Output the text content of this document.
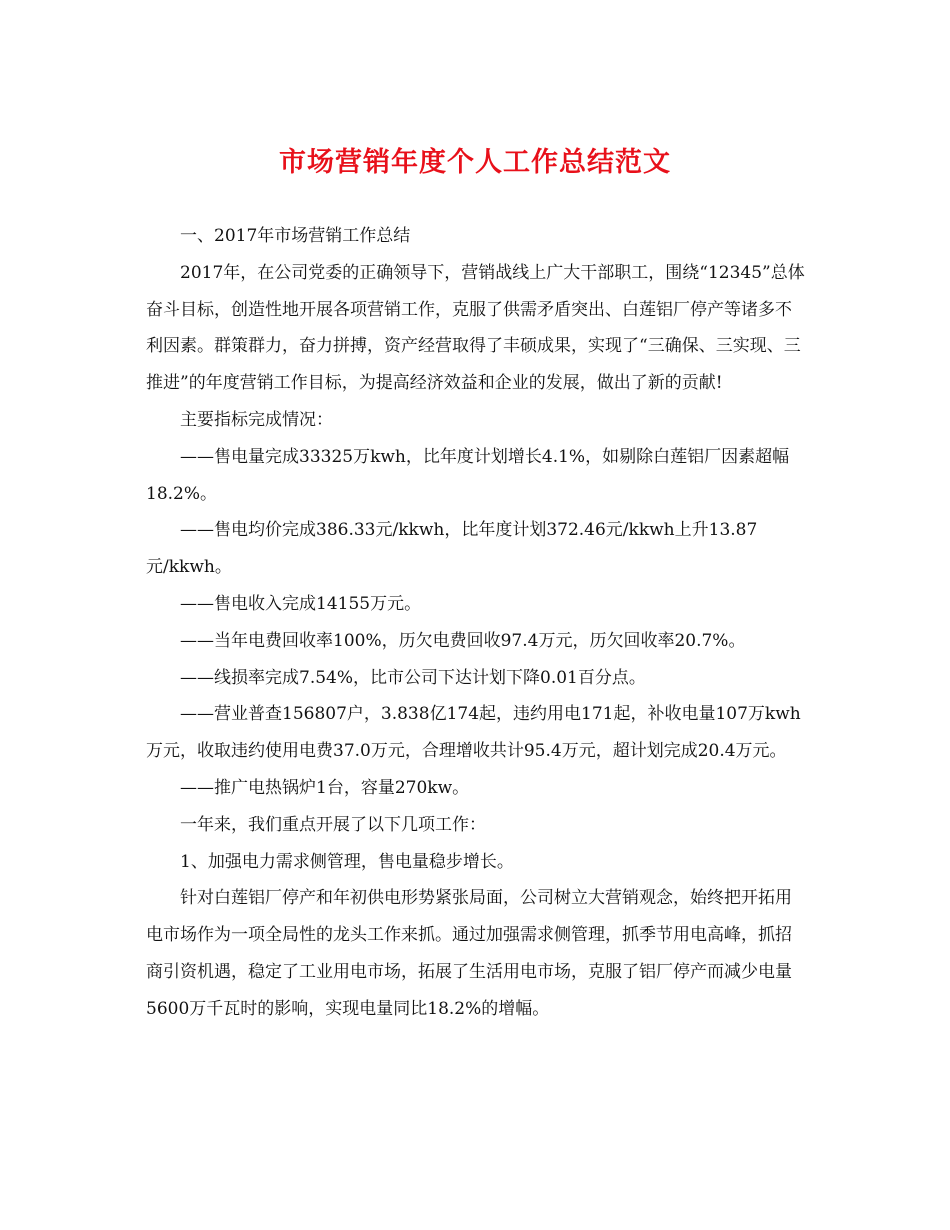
市场营销年度个人工作总结范文

一、2017年市场营销工作总结

2017年，在公司党委的正确领导下，营销战线上广大干部职工，围绕“12345”总体奋斗目标，创造性地开展各项营销工作，克服了供需矛盾突出、白莲铝厂停产等诸多不利因素。群策群力，奋力拼搏，资产经营取得了丰硕成果，实现了“三确保、三实现、三推进”的年度营销工作目标，为提高经济效益和企业的发展，做出了新的贡献!

主要指标完成情况：

——售电量完成33325万kwh，比年度计划增长4.1%，如剔除白莲铝厂因素超幅18.2%。

——售电均价完成386.33元/kkwh，比年度计划372.46元/kkwh上升13.87元/kkwh。

——售电收入完成14155万元。

——当年电费回收率100%，历欠电费回收97.4万元，历欠回收率20.7%。

——线损率完成7.54%，比市公司下达计划下降0.01百分点。

——营业普查156807户，3.838亿174起，违约用电171起，补收电量107万kwh万元，收取违约使用电费37.0万元，合理增收共计95.4万元，超计划完成20.4万元。

——推广电热锅炉1台，容量270kw。

一年来，我们重点开展了以下几项工作：

1、加强电力需求侧管理，售电量稳步增长。

针对白莲铝厂停产和年初供电形势紧张局面，公司树立大营销观念，始终把开拓用电市场作为一项全局性的龙头工作来抓。通过加强需求侧管理，抓季节用电高峰，抓招商引资机遇，稳定了工业用电市场，拓展了生活用电市场，克服了铝厂停产而减少电量5600万千瓦时的影响，实现电量同比18.2%的增幅。
